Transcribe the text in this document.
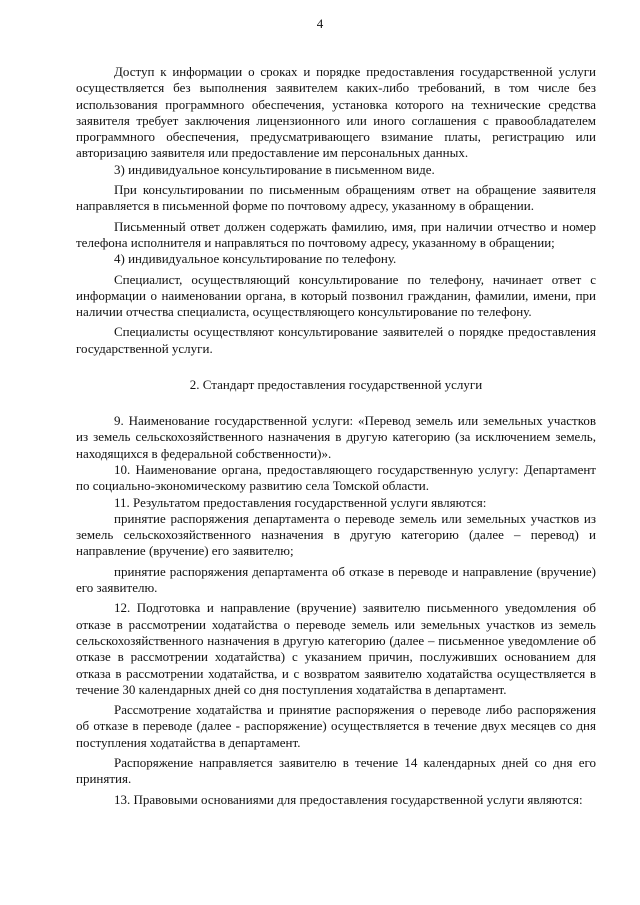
4

Доступ к информации о сроках и порядке предоставления государственной услуги осуществляется без выполнения заявителем каких-либо требований, в том числе без использования программного обеспечения, установка которого на технические средства заявителя требует заключения лицензионного или иного соглашения с правообладателем программного обеспечения, предусматривающего взимание платы, регистрацию или авторизацию заявителя или предоставление им персональных данных.

3) индивидуальное консультирование в письменном виде.

При консультировании по письменным обращениям ответ на обращение заявителя направляется в письменной форме по почтовому адресу, указанному в обращении.

Письменный ответ должен содержать фамилию, имя, при наличии отчество и номер телефона исполнителя и направляться по почтовому адресу, указанному в обращении;

4) индивидуальное консультирование по телефону.

Специалист, осуществляющий консультирование по телефону, начинает ответ с информации о наименовании органа, в который позвонил гражданин, фамилии, имени, при наличии отчества специалиста, осуществляющего консультирование по телефону.

Специалисты осуществляют консультирование заявителей о порядке предоставления государственной услуги.

2. Стандарт предоставления государственной услуги

9. Наименование государственной услуги: «Перевод земель или земельных участков из земель сельскохозяйственного назначения в другую категорию (за исключением земель, находящихся в федеральной собственности)».

10. Наименование органа, предоставляющего государственную услугу: Департамент по социально-экономическому развитию села Томской области.

11. Результатом предоставления государственной услуги являются:

принятие распоряжения департамента о переводе земель или земельных участков из земель сельскохозяйственного назначения в другую категорию (далее – перевод) и направление (вручение) его заявителю;

принятие распоряжения департамента об отказе в переводе и направление (вручение) его заявителю.

12. Подготовка и направление (вручение) заявителю письменного уведомления об отказе в рассмотрении ходатайства о переводе земель или земельных участков из земель сельскохозяйственного назначения в другую категорию (далее – письменное уведомление об отказе в рассмотрении ходатайства) с указанием причин, послуживших основанием для отказа в рассмотрении ходатайства, и с возвратом заявителю ходатайства осуществляется в течение 30 календарных дней со дня поступления ходатайства в департамент.

Рассмотрение ходатайства и принятие распоряжения о переводе либо распоряжения об отказе в переводе (далее - распоряжение) осуществляется в течение двух месяцев со дня поступления ходатайства в департамент.

Распоряжение направляется заявителю в течение 14 календарных дней со дня его принятия.

13. Правовыми основаниями для предоставления государственной услуги являются:
